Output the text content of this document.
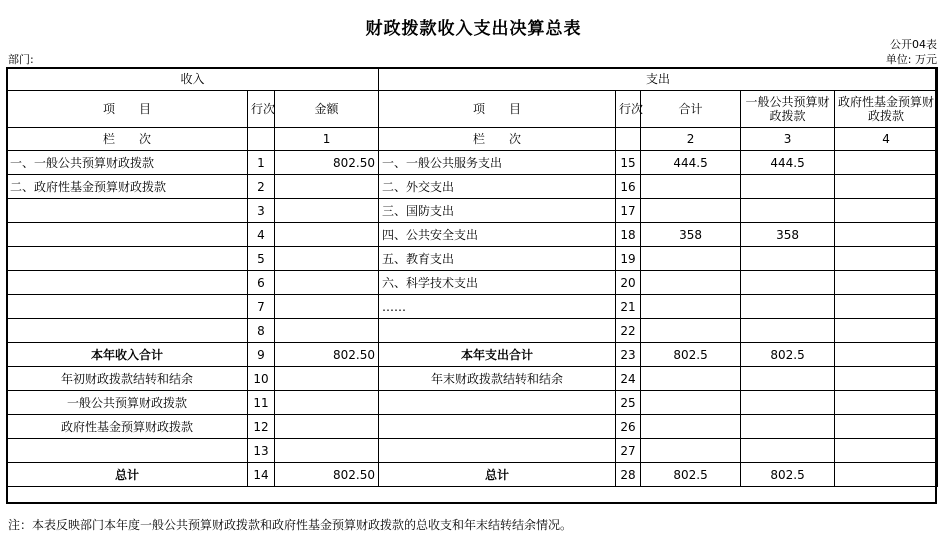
财政拨款收入支出决算总表
公开04表
部门:	单位: 万元
收入			支出				
项　　目	行次	金额	项　　目	行次	合计	一般公共预算财政拨款	政府性基金预算财政拨款
栏　　次		1	栏　　次		2	3	4
一、一般公共预算财政拨款	1	802.50	一、一般公共服务支出	15	444.5	444.5	
二、政府性基金预算财政拨款	2		二、外交支出	16			
	3		三、国防支出	17			
	4		四、公共安全支出	18	358	358	
	5		五、教育支出	19			
	6		六、科学技术支出	20			
	7		……	21			
	8			22			
本年收入合计	9	802.50	本年支出合计	23	802.5	802.5	
年初财政拨款结转和结余	10		年末财政拨款结转和结余	24			
一般公共预算财政拨款	11			25			
政府性基金预算财政拨款	12			26			
	13			27			
总计	14	802.50	总计	28	802.5	802.5	
注：本表反映部门本年度一般公共预算财政拨款和政府性基金预算财政拨款的总收支和年末结转结余情况。
